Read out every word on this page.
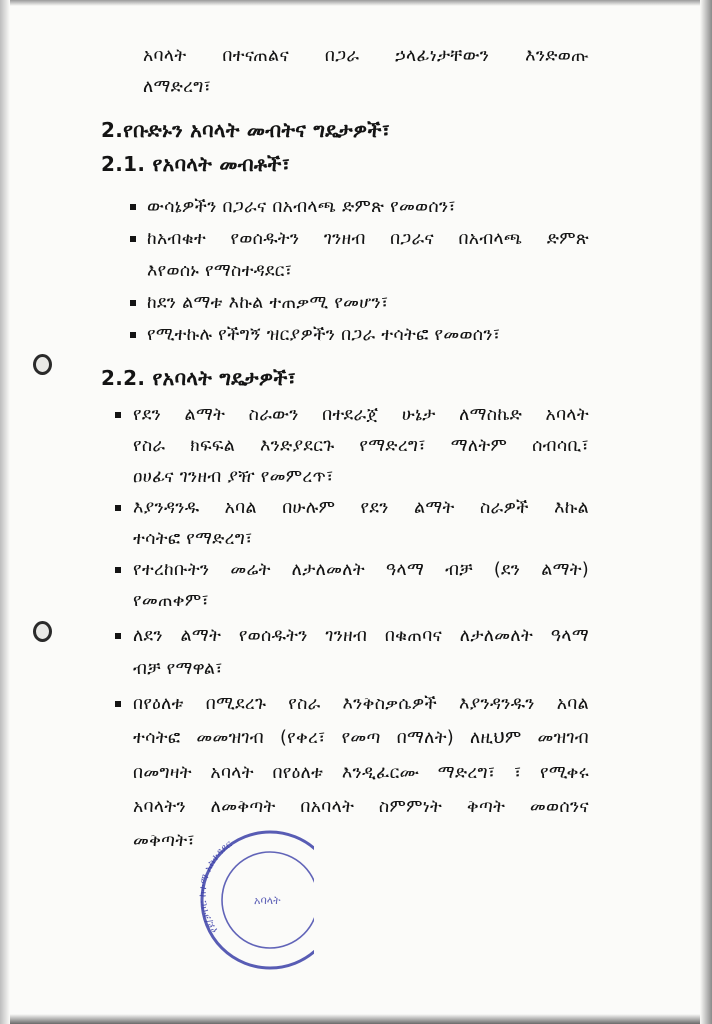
አባላት በተናጠልና በጋራ ኃላፊነታቸውን እንድወጡ
ለማድረግ፣
2.የቡድኑን አባላት መብትና ግዴታዎች፣
2.1. የአባላት መብቶች፣
ውሳኔዎችን በጋራና በአብላጫ ድምጽ የመወሰን፣
ከአብቁተ የወሰዱትን ገንዘብ በጋራና በአብላጫ ድምጽ
እየወሰኑ የማስተዳደር፣
ከደን ልማቱ እኩል ተጠቃሚ የመሆን፣
የሚተኩሉ የችግኝ ዝርያዎችን በጋራ ተሳትፎ የመወሰን፣
2.2. የአባላት ግዴታዎች፣
የደን ልማት ስራውን በተደራጀ ሁኔታ ለማስኬድ አባላት
የስራ ክፍፍል እንድያደርጉ የማድረግ፣ ማለትም ሰብሳቢ፣
ዐሀፊና ገንዘብ ያዥ የመምረጥ፣
እያንዳንዱ አባል በሁሉም የደን ልማት ስራዎች እኩል
ተሳትፎ የማድረግ፣
የተረከቡትን መሬት ለታለመለት ዓላማ ብቻ (ደን ልማት)
የመጠቀም፣
ለደን ልማት የወሰዱትን ገንዘብ በቁጠባና ለታለመለት ዓላማ
ብቻ የማዋል፣
በየዕለቱ በሚደረጉ የስራ እንቅስቃሴዎች እያንዳንዱን አባል
ተሳትፎ መመዝገብ (የቀረ፣ የመጣ በማለት) ለዚህም መዝገብ
በመግዛት አባላት በየዕለቱ እንዲፈርሙ ማድረግ፣ ፣ የሚቀሩ
አባላትን ለመቅጣት በአባላት ስምምነት ቅጣት መወሰንና
መቅጣት፣
የደ/ታቦር ከተማ አስተዳደር
አባላት
